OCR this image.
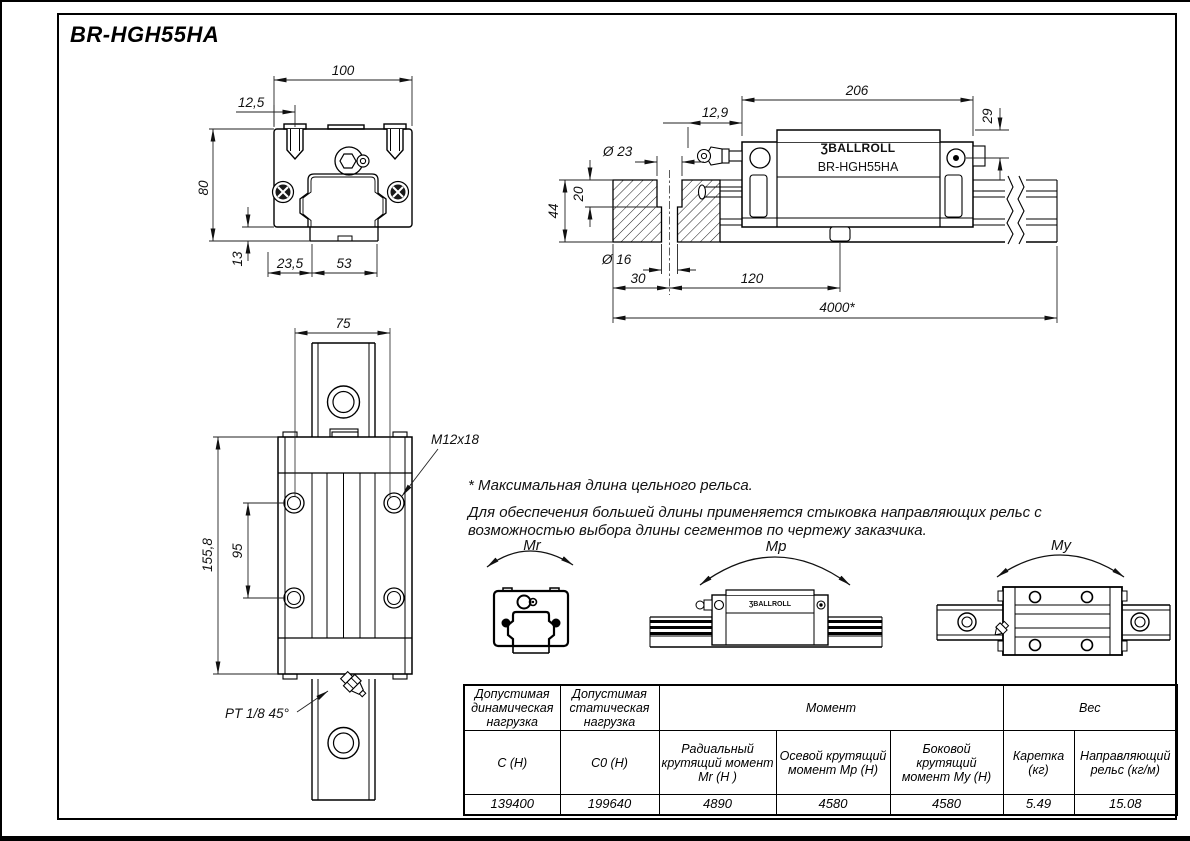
BR-HGH55HA
100
12,5
80
13 23,5 53
ƷBALLROLL
BR-HGH55HA
206
12,9	29
Ø 23
20
44
Ø 16
30	120
4000*
75
155,8 95
M12x18
PT 1/8 45°
* Максимальная длина цельного рельса.
Для обеспечения большей длины применяется стыковка направляющих рельс с возможностью выбора длины сегментов по чертежу заказчика.
Mr	Mp
ƷBALLROLL
My
Допустимая динамическая нагрузка	Допустимая статическая нагрузка	Момент			Вес	
C (Н)	C0 (Н)	Радиальный крутящий момент Mr (Н )	Осевой крутящий момент Mp (Н)	Боковой крутящий момент My (Н)	Каретка (кг)	Направляющий рельс (кг/м)
139400	199640	4890	4580	4580	5.49	15.08
